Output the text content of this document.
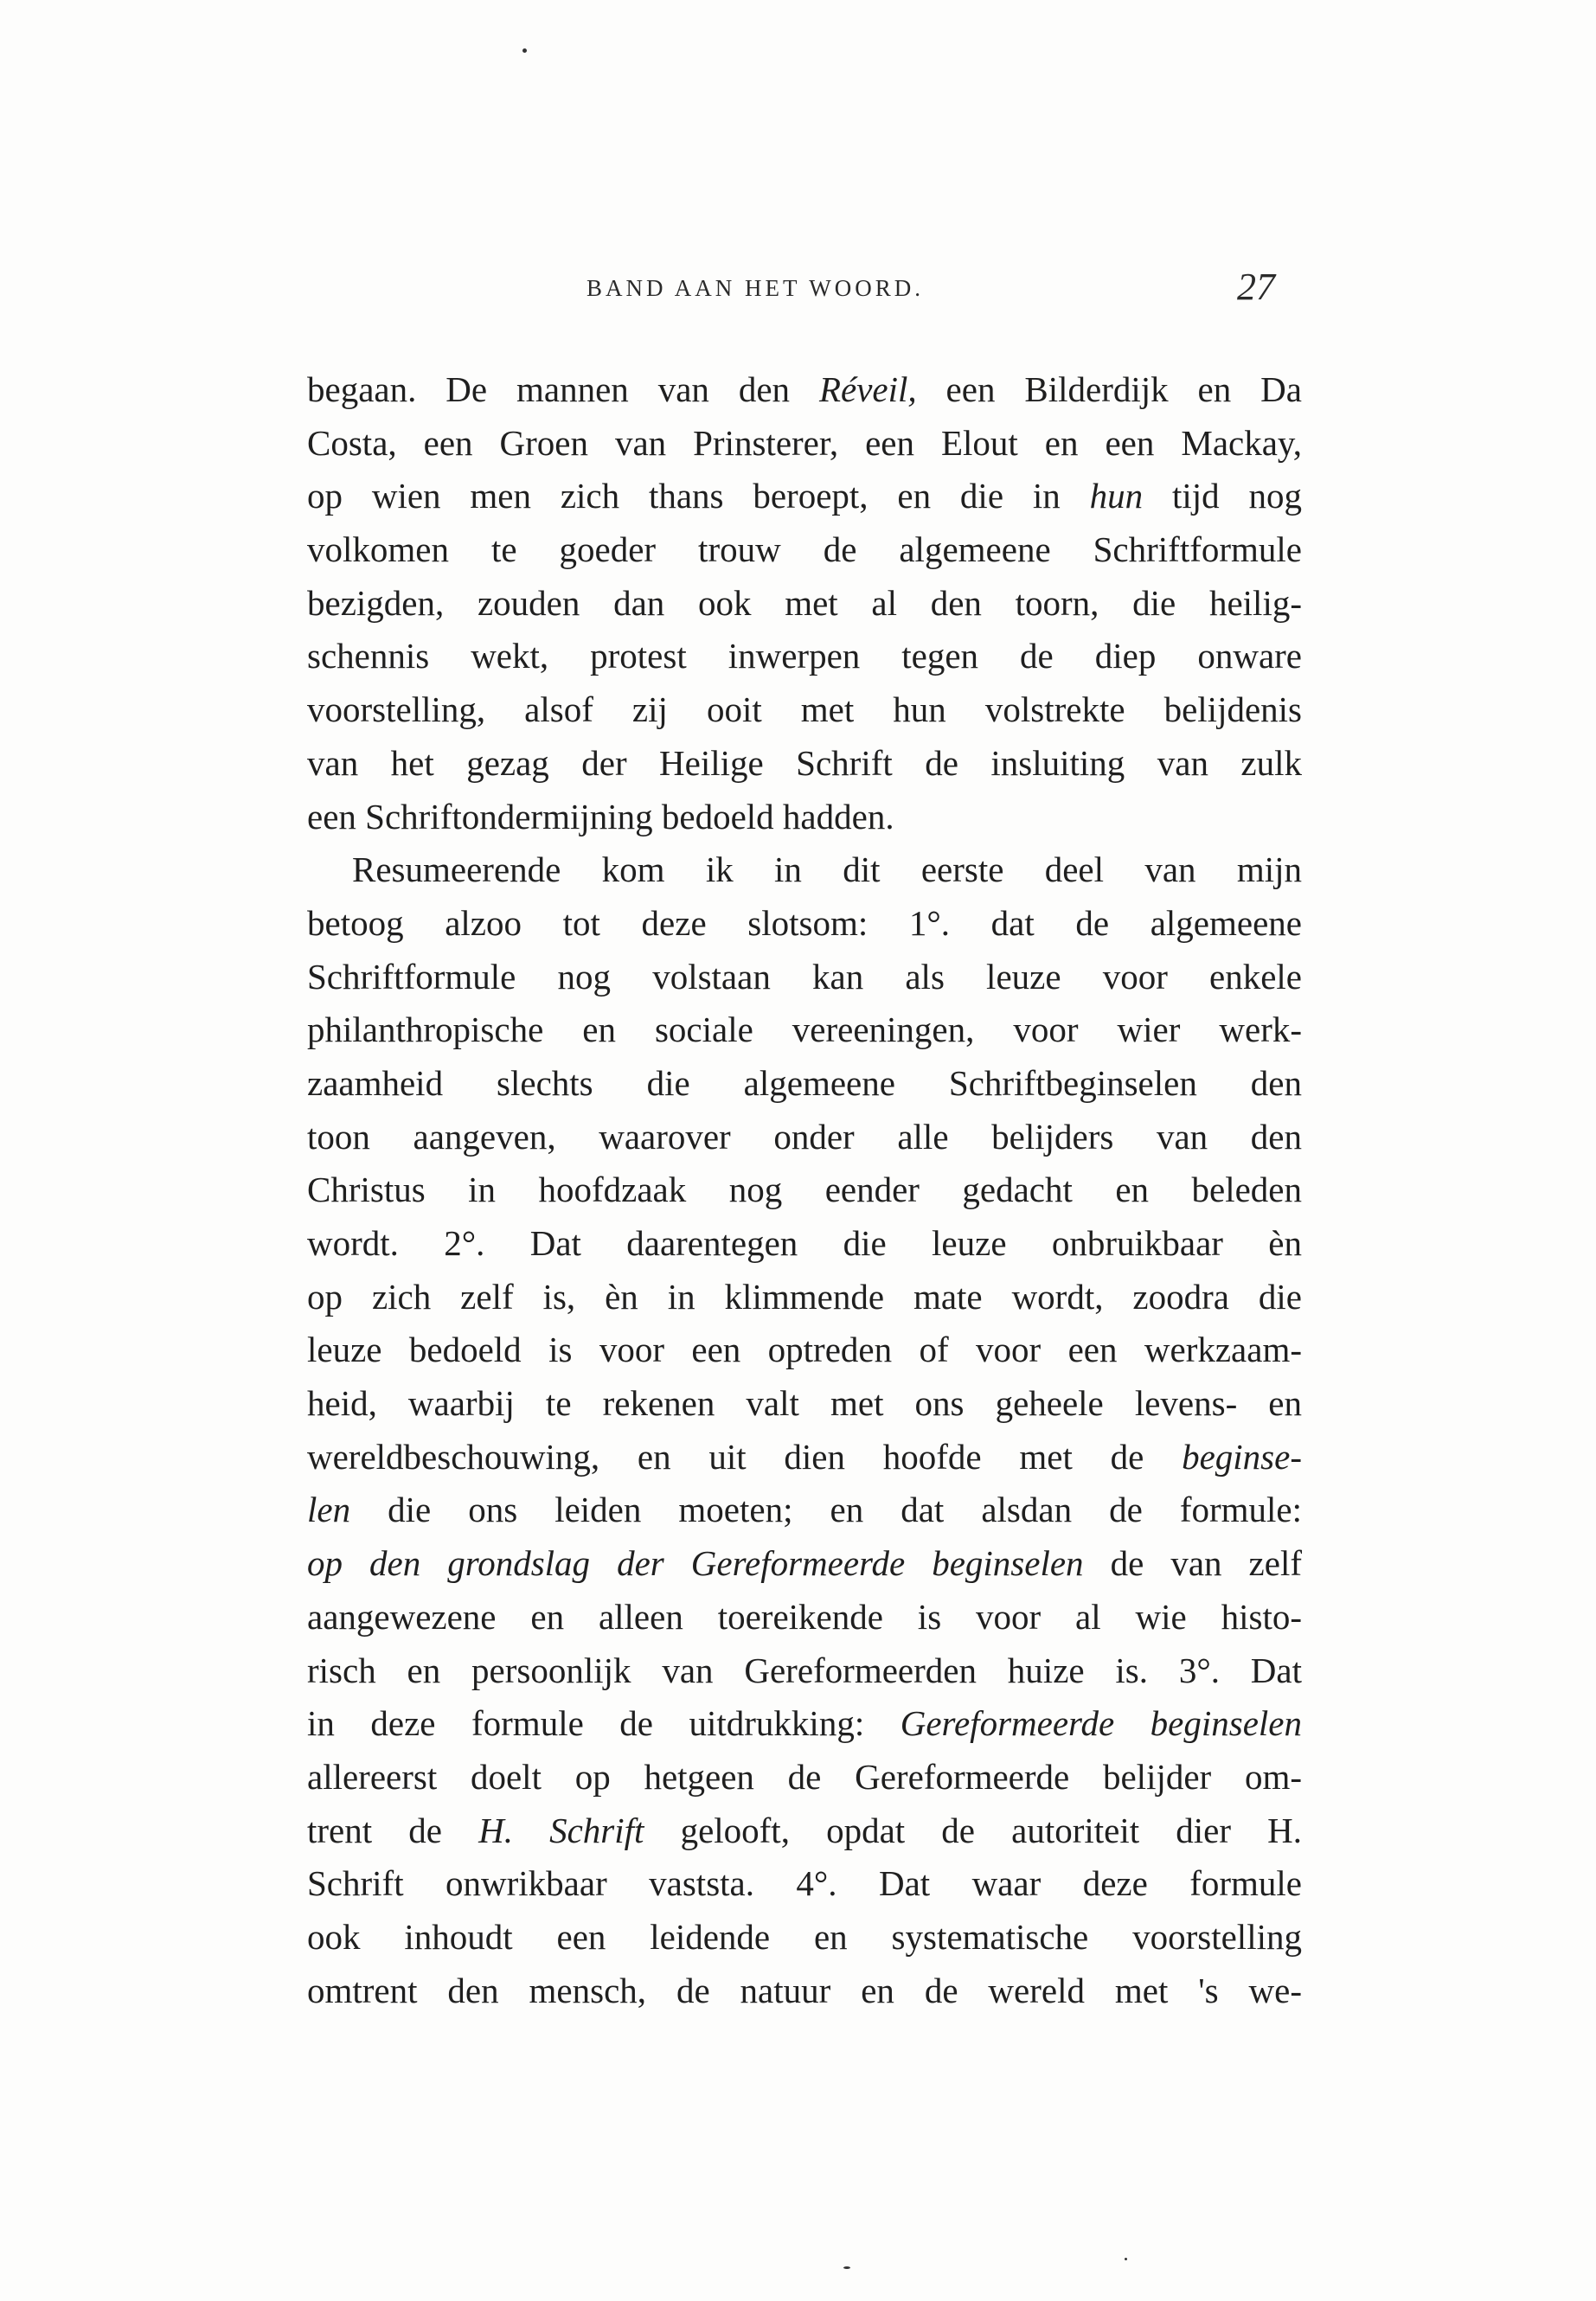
BAND AAN HET WOORD.	27
begaan. De mannen van den Réveil, een Bilderdijk en Da
Costa, een Groen van Prinsterer, een Elout en een Mackay,
op wien men zich thans beroept, en die in hun tijd nog
volkomen te goeder trouw de algemeene Schriftformule
bezigden, zouden dan ook met al den toorn, die heilig-
schennis wekt, protest inwerpen tegen de diep onware
voorstelling, alsof zij ooit met hun volstrekte belijdenis
van het gezag der Heilige Schrift de insluiting van zulk
een Schriftondermijning bedoeld hadden.
Resumeerende kom ik in dit eerste deel van mijn
betoog alzoo tot deze slotsom: 1°. dat de algemeene
Schriftformule nog volstaan kan als leuze voor enkele
philanthropische en sociale vereeningen, voor wier werk-
zaamheid slechts die algemeene Schriftbeginselen den
toon aangeven, waarover onder alle belijders van den
Christus in hoofdzaak nog eender gedacht en beleden
wordt. 2°. Dat daarentegen die leuze onbruikbaar èn
op zich zelf is, èn in klimmende mate wordt, zoodra die
leuze bedoeld is voor een optreden of voor een werkzaam-
heid, waarbij te rekenen valt met ons geheele levens- en
wereldbeschouwing, en uit dien hoofde met de beginse-
len die ons leiden moeten; en dat alsdan de formule:
op den grondslag der Gereformeerde beginselen de van zelf
aangewezene en alleen toereikende is voor al wie histo-
risch en persoonlijk van Gereformeerden huize is. 3°. Dat
in deze formule de uitdrukking: Gereformeerde beginselen
allereerst doelt op hetgeen de Gereformeerde belijder om-
trent de H. Schrift gelooft, opdat de autoriteit dier H.
Schrift onwrikbaar vaststa. 4°. Dat waar deze formule
ook inhoudt een leidende en systematische voorstelling
omtrent den mensch, de natuur en de wereld met 's we-
